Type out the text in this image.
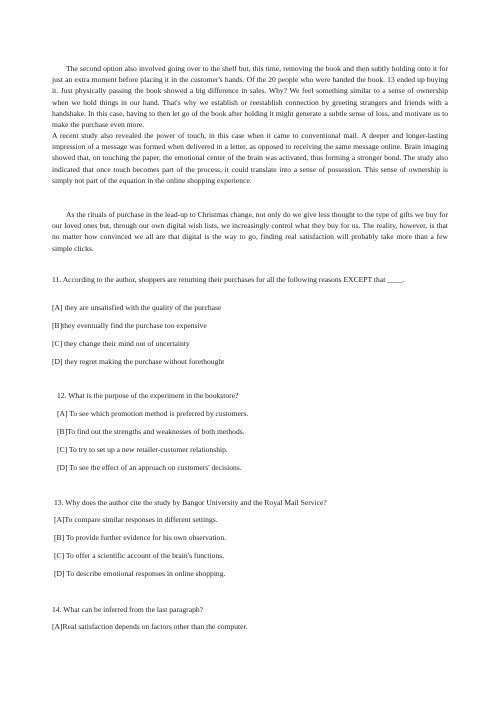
The second option also involved going over to the shelf but, this time, removing the book and then subtly holding onto it for just an extra moment before placing it in the customer's hands. Of the 20 people who were handed the book. 13 ended up buying it. Just physically passing the book showed a big difference in sales. Why? We feel something similar to a sense of ownership when we hold things in our hand. That's why we establish or reestablish connection by greeting strangers and friends with a handshake. In this case, having to then let go of the book after holding it might generate a subtle sense of loss, and motivate us to make the purchase even more.

A recent study also revealed the power of touch, in this case when it came to conventional mail. A deeper and longer-lasting impression of a message was formed when delivered in a letter, as opposed to receiving the same message online. Brain imaging showed that, on touching the paper, the emotional center of the brain was activated, thus forming a stronger bond. The study also indicated that once touch becomes part of the process, it could translate into a sense of possession. This sense of ownership is simply not part of the equation in the online shopping experience.

As the rituals of purchase in the lead-up to Christmas change, not only do we give less thought to the type of gifts we buy for our loved ones but, through our own digital wish lists, we increasingly control what they buy for us. The reality, however, is that no matter how convinced we all are that digital is the way to go, finding real satisfaction will probably take more than a few simple clicks.

11. According to the author, shoppers are returning their purchases for all the following reasons EXCEPT that ____.

[A] they are unsatisfied with the quality of the purchase

[B]they eventually find the purchase too expensive

[C] they change their mind out of uncertainty

[D] they regret making the purchase without forethought

12. What is the purpose of the experiment in the bookstore?

[A] To see which promotion method is preferred by customers.

[B]To find out the strengths and weaknesses of both methods.

[C] To try to set up a new retailer-customer relationship.

[D] To see the effect of an approach on customers' decisions.

13. Why does the author cite the study by Bangor University and the Royal Mail Service?

[A]To compare similar responses in different settings.

[B] To provide further evidence for his own observation.

[C] To offer a scientific account of the brain's functions.

[D] To describe emotional responses in online shopping.

14. What can be inferred from the last paragraph?

[A]Real satisfaction depends on factors other than the computer.
